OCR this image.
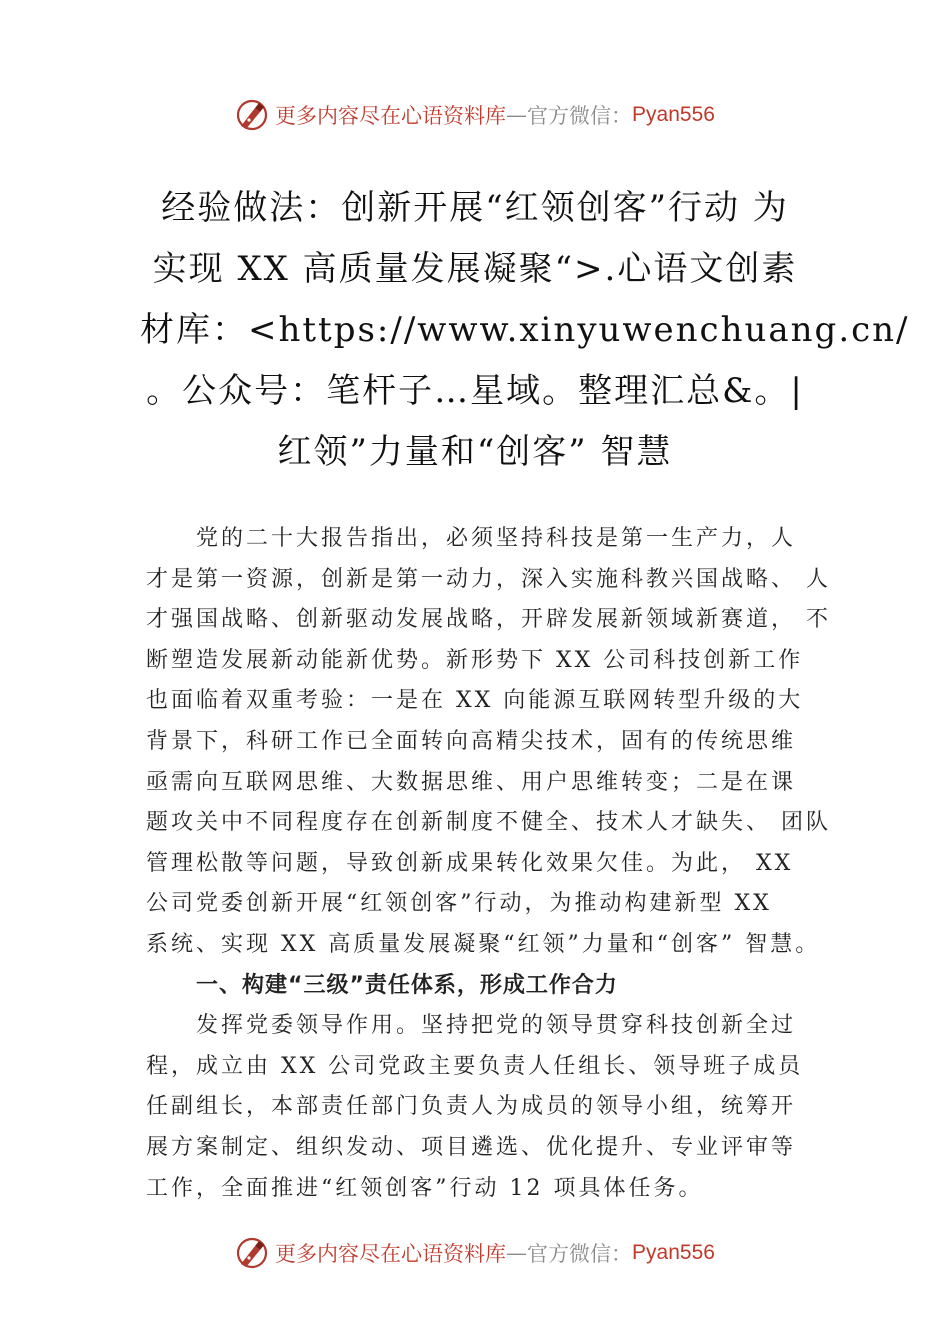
更多内容尽在心语资料库 — 官方微信： Pyan556
经验做法：创新开展“红领创客”行动 为
实现 XX 高质量发展凝聚“>.心语文创素
材库：<https://www.xinyuwenchuang.cn/
。公众号：笔杆子…星域。整理汇总&。|
红领”力量和“创客” 智慧
党的二十大报告指出，必须坚持科技是第一生产力，人
才是第一资源，创新是第一动力，深入实施科教兴国战略、 人
才强国战略、创新驱动发展战略，开辟发展新领域新赛道， 不
断塑造发展新动能新优势。新形势下 XX 公司科技创新工作
也面临着双重考验：一是在 XX 向能源互联网转型升级的大
背景下，科研工作已全面转向高精尖技术，固有的传统思维
亟需向互联网思维、大数据思维、用户思维转变；二是在课
题攻关中不同程度存在创新制度不健全、技术人才缺失、 团队
管理松散等问题，导致创新成果转化效果欠佳。为此， XX
公司党委创新开展“红领创客”行动，为推动构建新型 XX
系统、实现 XX 高质量发展凝聚“红领”力量和“创客” 智慧。
一、构建“三级”责任体系，形成工作合力
发挥党委领导作用。坚持把党的领导贯穿科技创新全过
程，成立由 XX 公司党政主要负责人任组长、领导班子成员
任副组长，本部责任部门负责人为成员的领导小组，统筹开
展方案制定、组织发动、项目遴选、优化提升、专业评审等
工作，全面推进“红领创客”行动 12 项具体任务。
更多内容尽在心语资料库 — 官方微信： Pyan556
